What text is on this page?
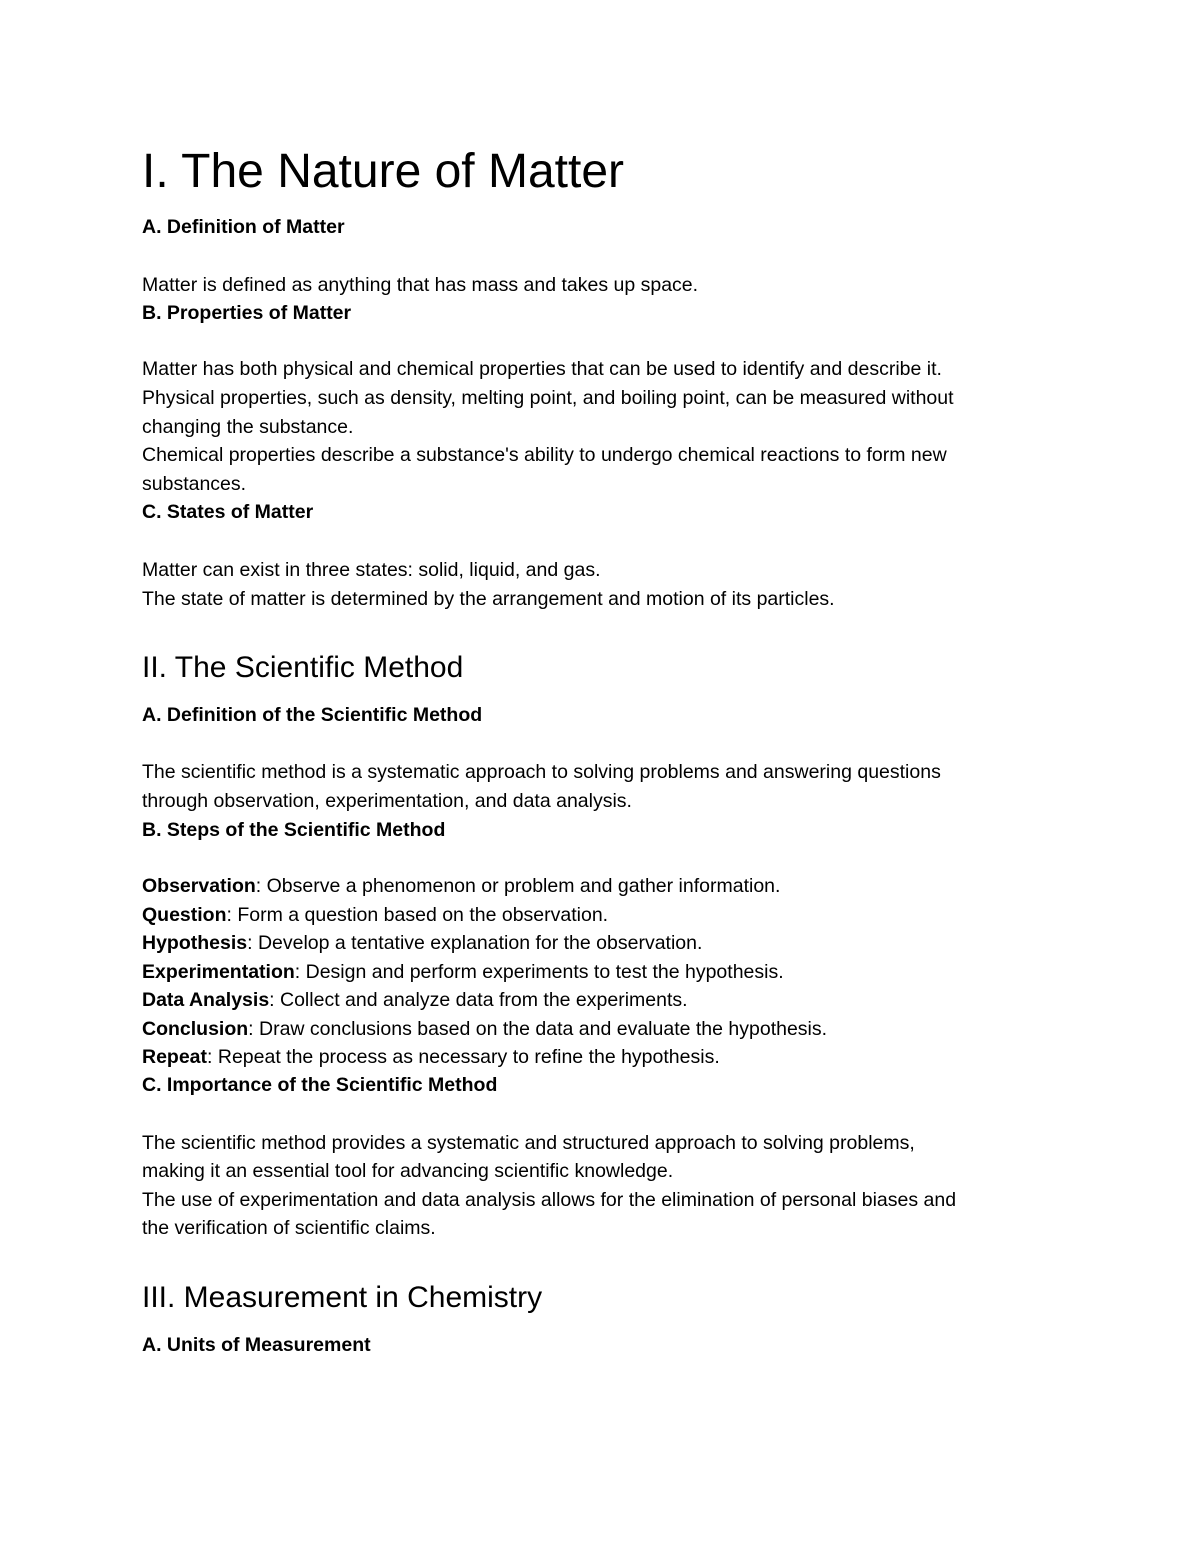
I. The Nature of Matter
A. Definition of Matter
Matter is defined as anything that has mass and takes up space.
B. Properties of Matter
Matter has both physical and chemical properties that can be used to identify and describe it.
Physical properties, such as density, melting point, and boiling point, can be measured without
changing the substance.
Chemical properties describe a substance's ability to undergo chemical reactions to form new
substances.
C. States of Matter
Matter can exist in three states: solid, liquid, and gas.
The state of matter is determined by the arrangement and motion of its particles.
II. The Scientific Method
A. Definition of the Scientific Method
The scientific method is a systematic approach to solving problems and answering questions
through observation, experimentation, and data analysis.
B. Steps of the Scientific Method
Observation: Observe a phenomenon or problem and gather information.
Question: Form a question based on the observation.
Hypothesis: Develop a tentative explanation for the observation.
Experimentation: Design and perform experiments to test the hypothesis.
Data Analysis: Collect and analyze data from the experiments.
Conclusion: Draw conclusions based on the data and evaluate the hypothesis.
Repeat: Repeat the process as necessary to refine the hypothesis.
C. Importance of the Scientific Method
The scientific method provides a systematic and structured approach to solving problems,
making it an essential tool for advancing scientific knowledge.
The use of experimentation and data analysis allows for the elimination of personal biases and
the verification of scientific claims.
III. Measurement in Chemistry
A. Units of Measurement
